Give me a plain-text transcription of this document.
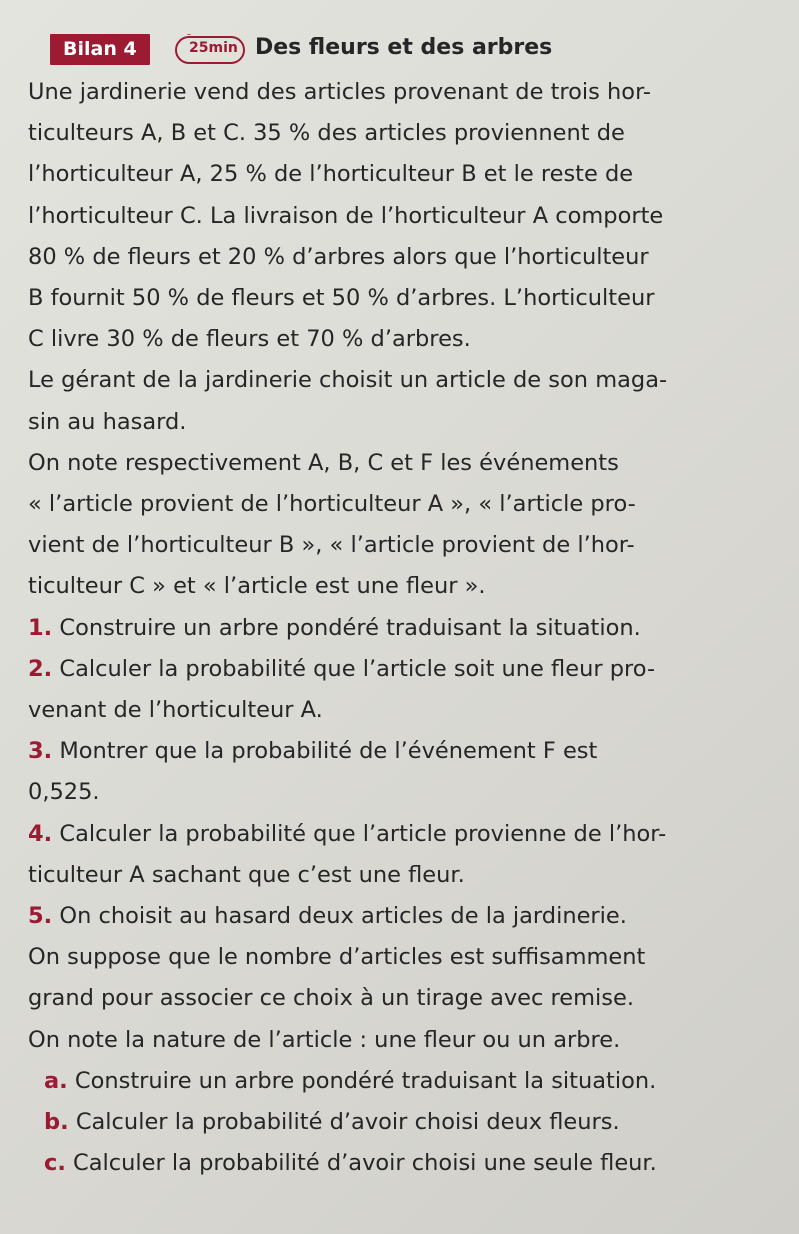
Bilan 4	25min Des fleurs et des arbres

Une jardinerie vend des articles provenant de trois hor-

ticulteurs A, B et C. 35 % des articles proviennent de

l’horticulteur A, 25 % de l’horticulteur B et le reste de

l’horticulteur C. La livraison de l’horticulteur A comporte

80 % de fleurs et 20 % d’arbres alors que l’horticulteur

B fournit 50 % de fleurs et 50 % d’arbres. L’horticulteur

C livre 30 % de fleurs et 70 % d’arbres.

Le gérant de la jardinerie choisit un article de son maga-

sin au hasard.

On note respectivement A, B, C et F les événements

« l’article provient de l’horticulteur A », « l’article pro-

vient de l’horticulteur B », « l’article provient de l’hor-

ticulteur C » et « l’article est une fleur ».

1. Construire un arbre pondéré traduisant la situation.

2. Calculer la probabilité que l’article soit une fleur pro-

venant de l’horticulteur A.

3. Montrer que la probabilité de l’événement F est

0,525.

4. Calculer la probabilité que l’article provienne de l’hor-

ticulteur A sachant que c’est une fleur.

5. On choisit au hasard deux articles de la jardinerie.

On suppose que le nombre d’articles est suffisamment

grand pour associer ce choix à un tirage avec remise.

On note la nature de l’article : une fleur ou un arbre.

a. Construire un arbre pondéré traduisant la situation.

b. Calculer la probabilité d’avoir choisi deux fleurs.

c. Calculer la probabilité d’avoir choisi une seule fleur.
